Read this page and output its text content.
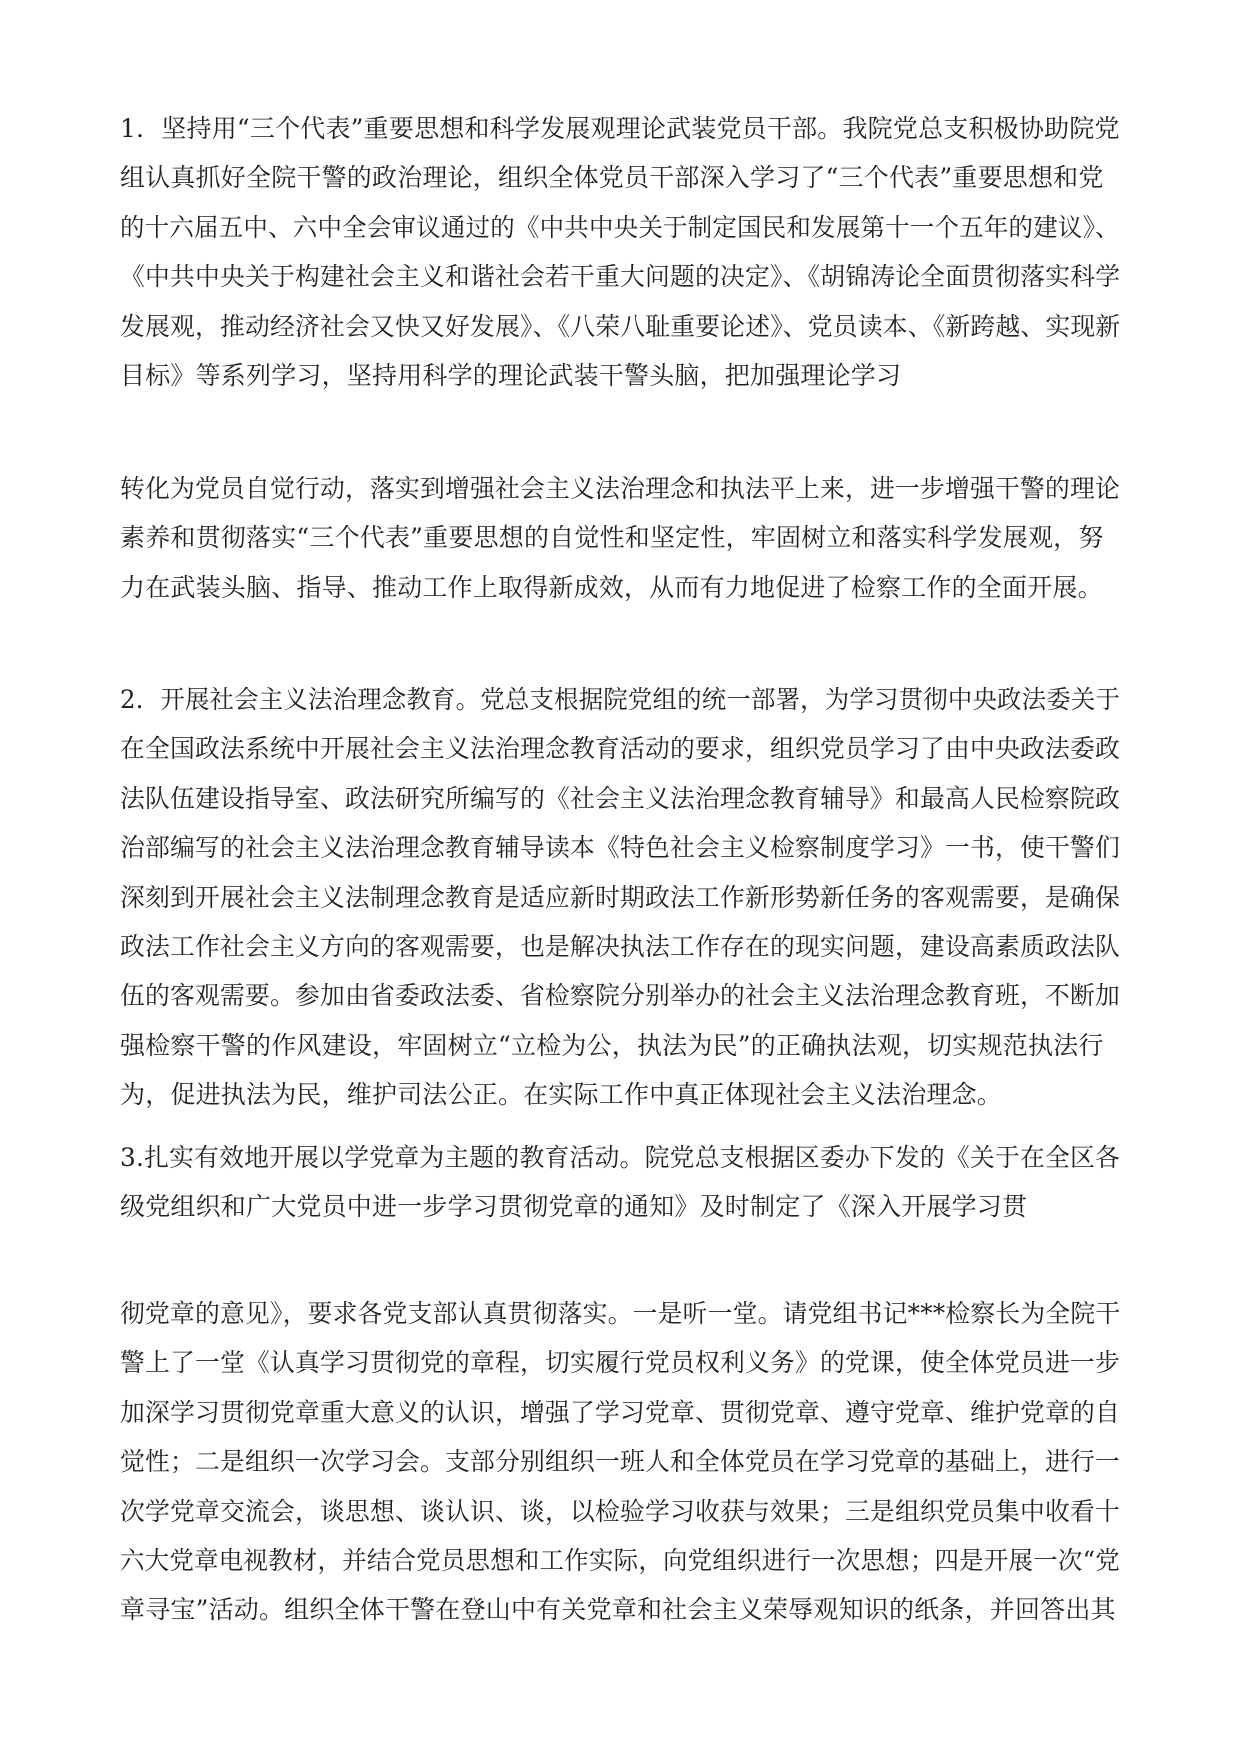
1．坚持用“三个代表”重要思想和科学发展观理论武装党员干部。我院党总支积极协助院党
组认真抓好全院干警的政治理论，组织全体党员干部深入学习了“三个代表”重要思想和党
的十六届五中、六中全会审议通过的《中共中央关于制定国民和发展第十一个五年的建议》、
《中共中央关于构建社会主义和谐社会若干重大问题的决定》、《胡锦涛论全面贯彻落实科学
发展观，推动经济社会又快又好发展》、《八荣八耻重要论述》、党员读本、《新跨越、实现新
目标》等系列学习，坚持用科学的理论武装干警头脑，把加强理论学习
转化为党员自觉行动，落实到增强社会主义法治理念和执法平上来，进一步增强干警的理论
素养和贯彻落实“三个代表”重要思想的自觉性和坚定性，牢固树立和落实科学发展观，努
力在武装头脑、指导、推动工作上取得新成效，从而有力地促进了检察工作的全面开展。
2．开展社会主义法治理念教育。党总支根据院党组的统一部署，为学习贯彻中央政法委关于
在全国政法系统中开展社会主义法治理念教育活动的要求，组织党员学习了由中央政法委政
法队伍建设指导室、政法研究所编写的《社会主义法治理念教育辅导》和最高人民检察院政
治部编写的社会主义法治理念教育辅导读本《特色社会主义检察制度学习》一书，使干警们
深刻到开展社会主义法制理念教育是适应新时期政法工作新形势新任务的客观需要，是确保
政法工作社会主义方向的客观需要，也是解决执法工作存在的现实问题，建设高素质政法队
伍的客观需要。参加由省委政法委、省检察院分别举办的社会主义法治理念教育班，不断加
强检察干警的作风建设，牢固树立“立检为公，执法为民”的正确执法观，切实规范执法行
为，促进执法为民，维护司法公正。在实际工作中真正体现社会主义法治理念。
3.扎实有效地开展以学党章为主题的教育活动。院党总支根据区委办下发的《关于在全区各
级党组织和广大党员中进一步学习贯彻党章的通知》及时制定了《深入开展学习贯
彻党章的意见》，要求各党支部认真贯彻落实。一是听一堂。请党组书记***检察长为全院干
警上了一堂《认真学习贯彻党的章程，切实履行党员权利义务》的党课，使全体党员进一步
加深学习贯彻党章重大意义的认识，增强了学习党章、贯彻党章、遵守党章、维护党章的自
觉性；二是组织一次学习会。支部分别组织一班人和全体党员在学习党章的基础上，进行一
次学党章交流会，谈思想、谈认识、谈，以检验学习收获与效果；三是组织党员集中收看十
六大党章电视教材，并结合党员思想和工作实际，向党组织进行一次思想；四是开展一次“党
章寻宝”活动。组织全体干警在登山中有关党章和社会主义荣辱观知识的纸条，并回答出其
